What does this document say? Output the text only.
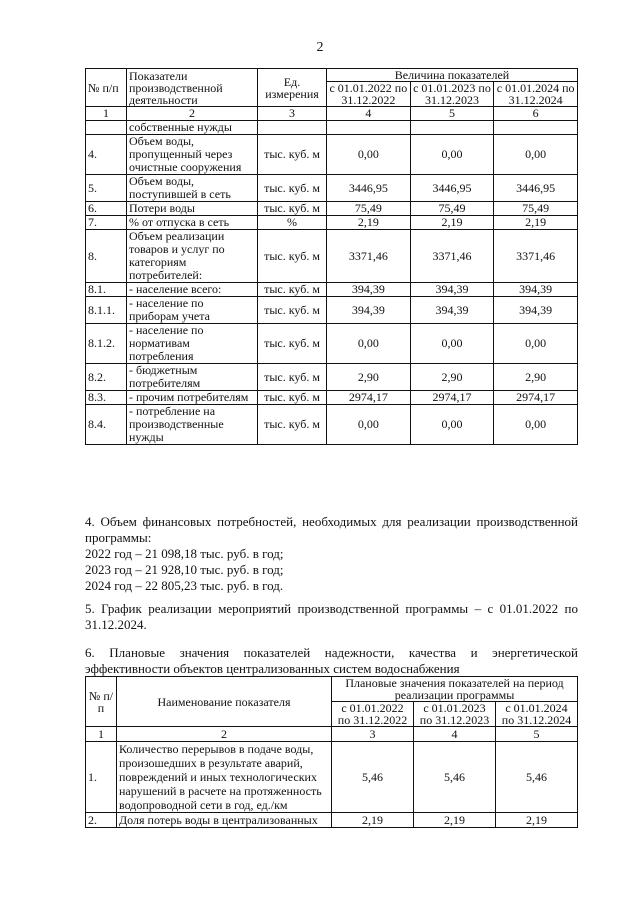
2
№ п/п	Показатели производственной деятельности	Ед. измерения	Величина показателей		
			с 01.01.2022 по 31.12.2022	с 01.01.2023 по 31.12.2023	с 01.01.2024 по 31.12.2024
1	2	3	4	5	6
	собственные нужды				
4.	Объем воды, пропущенный через очистные сооружения	тыс. куб. м	0,00	0,00	0,00
5.	Объем воды, поступившей в сеть	тыс. куб. м	3446,95	3446,95	3446,95
6.	Потери воды	тыс. куб. м	75,49	75,49	75,49
7.	% от отпуска в сеть	%	2,19	2,19	2,19
8.	Объем реализации товаров и услуг по категориям потребителей:	тыс. куб. м	3371,46	3371,46	3371,46
8.1.	- население всего:	тыс. куб. м	394,39	394,39	394,39
8.1.1.	- население по приборам учета	тыс. куб. м	394,39	394,39	394,39
8.1.2.	- население по нормативам потребления	тыс. куб. м	0,00	0,00	0,00
8.2.	- бюджетным потребителям	тыс. куб. м	2,90	2,90	2,90
8.3.	- прочим потребителям	тыс. куб. м	2974,17	2974,17	2974,17
8.4.	- потребление на производственные нужды	тыс. куб. м	0,00	0,00	0,00
4. Объем финансовых потребностей, необходимых для реализации производственной программы:
2022 год – 21 098,18 тыс. руб. в год;
2023 год – 21 928,10 тыс. руб. в год;
2024 год – 22 805,23 тыс. руб. в год.
5. График реализации мероприятий производственной программы – с 01.01.2022 по 31.12.2024.
6. Плановые значения показателей надежности, качества и энергетической эффективности объектов централизованных систем водоснабжения
№ п/п	Наименование показателя	Плановые значения показателей на период реализации программы		
		с 01.01.2022 по 31.12.2022	с 01.01.2023 по 31.12.2023	с 01.01.2024 по 31.12.2024
1	2	3	4	5
1.	Количество перерывов в подаче воды, произошедших в результате аварий, повреждений и иных технологических нарушений в расчете на протяженность водопроводной сети в год, ед./км	5,46	5,46	5,46
2.	Доля потерь воды в централизованных	2,19	2,19	2,19
